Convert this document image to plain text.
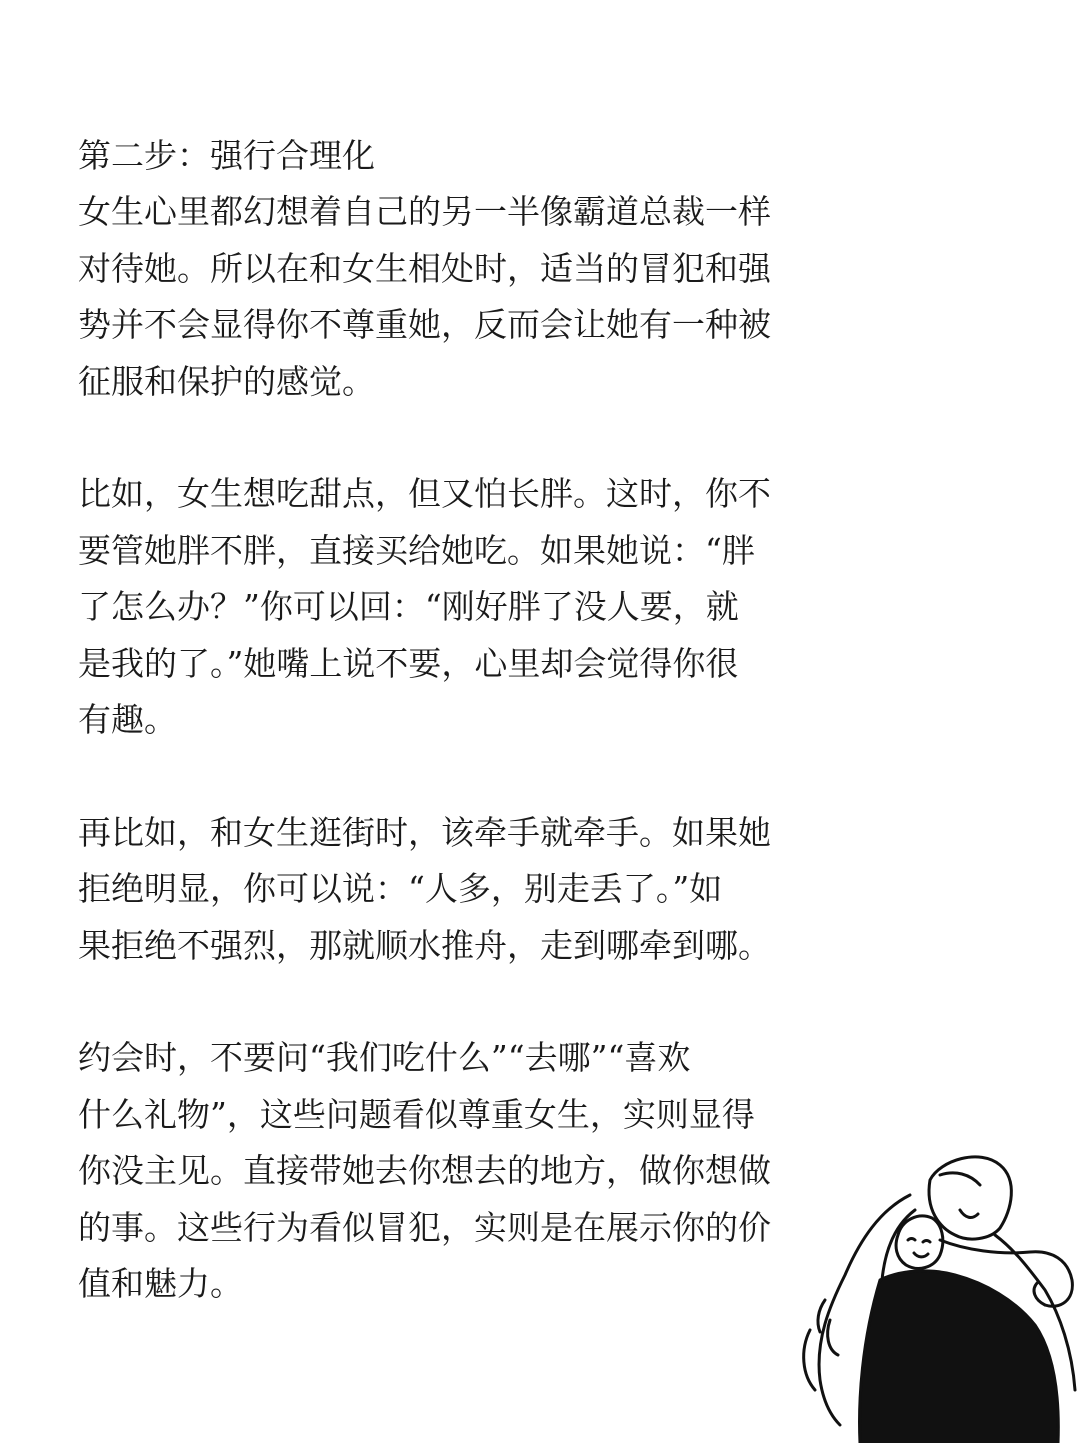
第二步：强行合理化

女生心里都幻想着自己的另一半像霸道总裁一样
对待她。所以在和女生相处时，适当的冒犯和强
势并不会显得你不尊重她，反而会让她有一种被
征服和保护的感觉。

比如，女生想吃甜点，但又怕长胖。这时，你不
要管她胖不胖，直接买给她吃。如果她说：“胖
了怎么办？”你可以回：“刚好胖了没人要，就
是我的了。”她嘴上说不要，心里却会觉得你很
有趣。

再比如，和女生逛街时，该牵手就牵手。如果她
拒绝明显，你可以说：“人多，别走丢了。”如
果拒绝不强烈，那就顺水推舟，走到哪牵到哪。

约会时，不要问“我们吃什么”“去哪”“喜欢
什么礼物”，这些问题看似尊重女生，实则显得
你没主见。直接带她去你想去的地方，做你想做
的事。这些行为看似冒犯，实则是在展示你的价
值和魅力。
